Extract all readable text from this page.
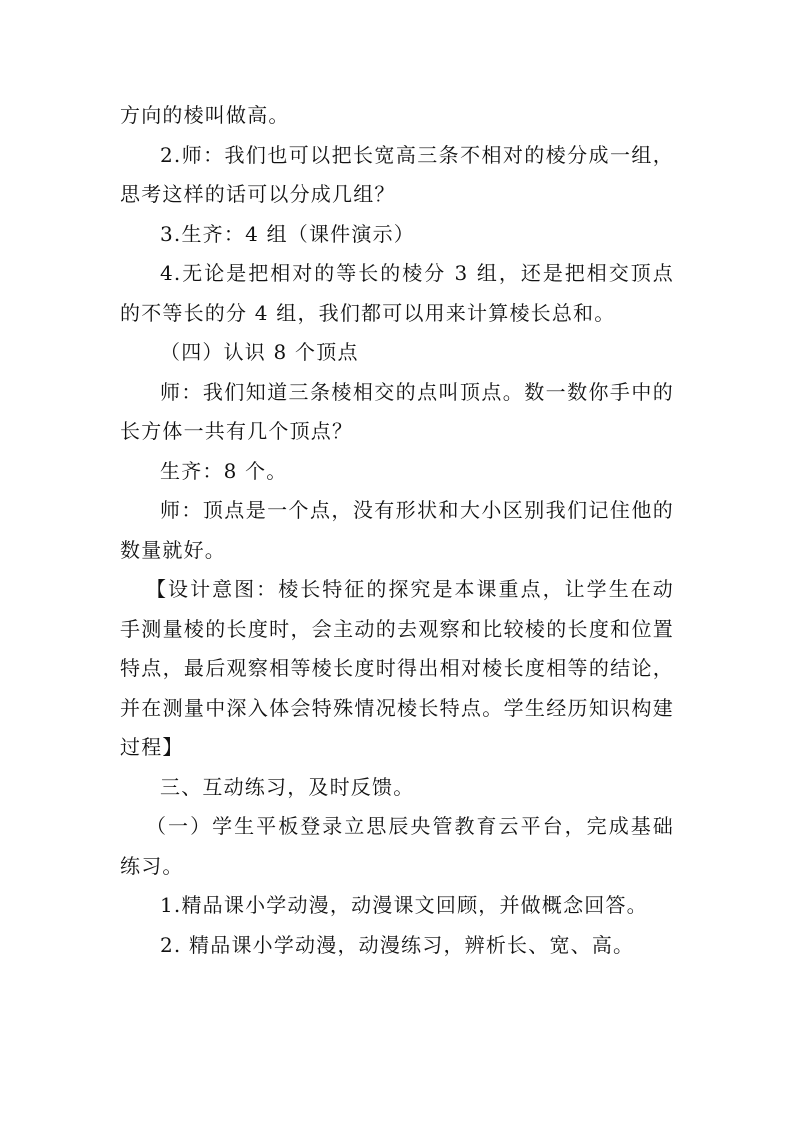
方向的棱叫做高。

2.师：我们也可以把长宽高三条不相对的棱分成一组，思考这样的话可以分成几组？

3.生齐：4 组（课件演示）

4.无论是把相对的等长的棱分 3 组，还是把相交顶点的不等长的分 4 组，我们都可以用来计算棱长总和。

（四）认识 8 个顶点

师：我们知道三条棱相交的点叫顶点。数一数你手中的长方体一共有几个顶点？

生齐：8 个。

师：顶点是一个点，没有形状和大小区别我们记住他的数量就好。

【设计意图：棱长特征的探究是本课重点，让学生在动手测量棱的长度时，会主动的去观察和比较棱的长度和位置特点，最后观察相等棱长度时得出相对棱长度相等的结论，并在测量中深入体会特殊情况棱长特点。学生经历知识构建过程】

三、互动练习，及时反馈。

（一）学生平板登录立思辰央管教育云平台，完成基础练习。

1.精品课小学动漫，动漫课文回顾，并做概念回答。

2. 精品课小学动漫，动漫练习，辨析长、宽、高。
